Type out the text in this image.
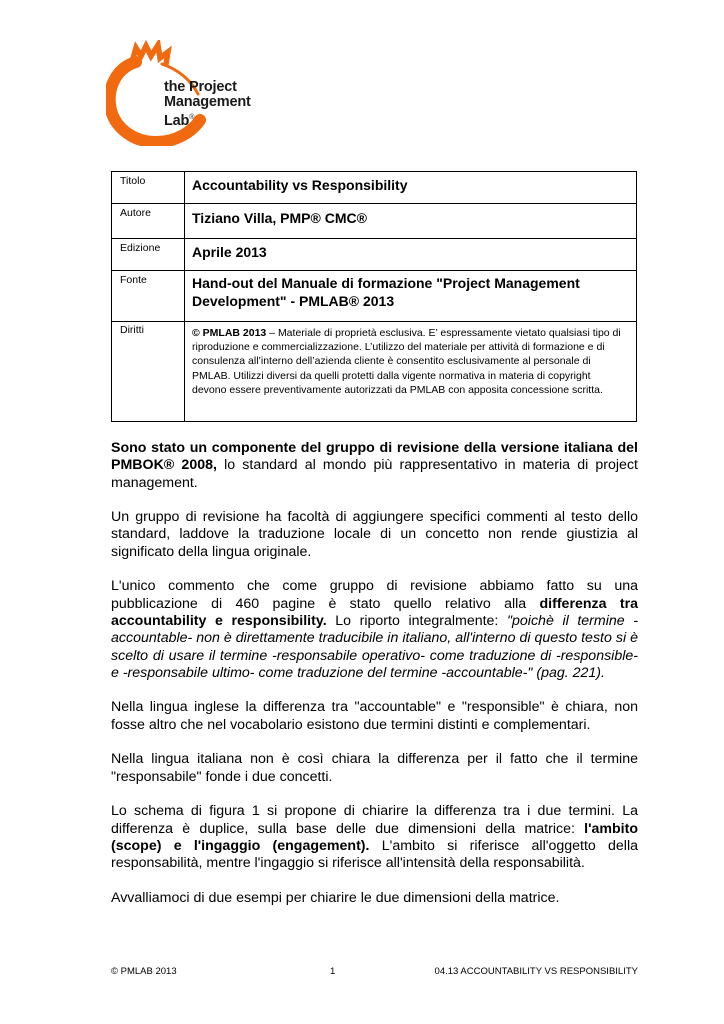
the Project
Management
Lab®
Titolo	Accountability vs Responsibility

Autore	Tiziano Villa, PMP® CMC®

Edizione	Aprile 2013

Fonte	Hand-out del Manuale di formazione "Project Management Development" - PMLAB® 2013

Diritti	© PMLAB 2013 – Materiale di proprietà esclusiva. E’ espressamente vietato qualsiasi tipo di riproduzione e commercializzazione. L’utilizzo del materiale per attività di formazione e di consulenza all’interno dell’azienda cliente è consentito esclusivamente al personale di PMLAB. Utilizzi diversi da quelli protetti dalla vigente normativa in materia di copyright devono essere preventivamente autorizzati da PMLAB con apposita concessione scritta.

Sono stato un componente del gruppo di revisione della versione italiana del PMBOK® 2008, lo standard al mondo più rappresentativo in materia di project management.

Un gruppo di revisione ha facoltà di aggiungere specifici commenti al testo dello standard, laddove la traduzione locale di un concetto non rende giustizia al significato della lingua originale.

L'unico commento che come gruppo di revisione abbiamo fatto su una pubblicazione di 460 pagine è stato quello relativo alla differenza tra accountability e responsibility. Lo riporto integralmente: "poichè il termine -accountable- non è direttamente traducibile in italiano, all'interno di questo testo si è scelto di usare il termine -responsabile operativo- come traduzione di -responsible- e -responsabile ultimo- come traduzione del termine -accountable-" (pag. 221).

Nella lingua inglese la differenza tra "accountable" e "responsible" è chiara, non fosse altro che nel vocabolario esistono due termini distinti e complementari.

Nella lingua italiana non è così chiara la differenza per il fatto che il termine "responsabile" fonde i due concetti.

Lo schema di figura 1 si propone di chiarire la differenza tra i due termini. La differenza è duplice, sulla base delle due dimensioni della matrice: l'ambito (scope) e l'ingaggio (engagement). L'ambito si riferisce all'oggetto della responsabilità, mentre l'ingaggio si riferisce all'intensità della responsabilità.

Avvalliamoci di due esempi per chiarire le due dimensioni della matrice.

© PMLAB 2013	1	04.13 ACCOUNTABILITY VS RESPONSIBILITY
